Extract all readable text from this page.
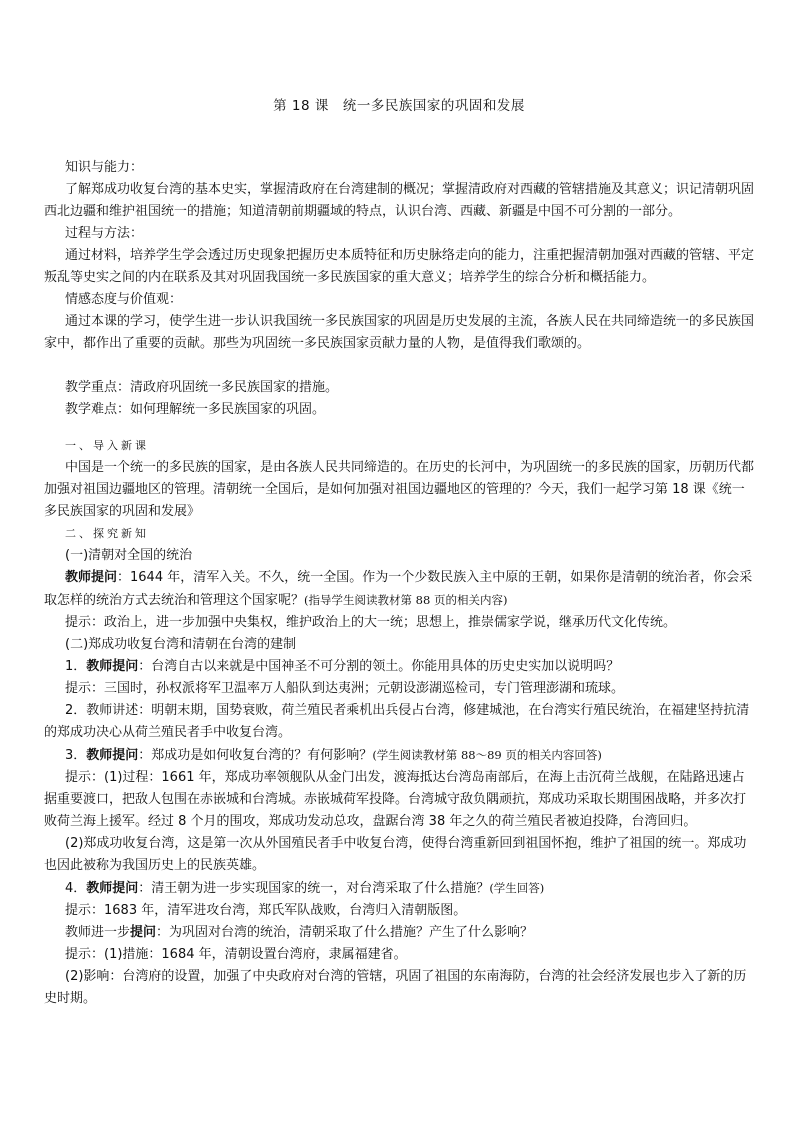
第 18 课　统一多民族国家的巩固和发展

知识与能力：

了解郑成功收复台湾的基本史实，掌握清政府在台湾建制的概况；掌握清政府对西藏的管辖措施及其意义；识记清朝巩固西北边疆和维护祖国统一的措施；知道清朝前期疆域的特点，认识台湾、西藏、新疆是中国不可分割的一部分。

过程与方法：

通过材料，培养学生学会透过历史现象把握历史本质特征和历史脉络走向的能力，注重把握清朝加强对西藏的管辖、平定叛乱等史实之间的内在联系及其对巩固我国统一多民族国家的重大意义；培养学生的综合分析和概括能力。

情感态度与价值观：

通过本课的学习，使学生进一步认识我国统一多民族国家的巩固是历史发展的主流，各族人民在共同缔造统一的多民族国家中，都作出了重要的贡献。那些为巩固统一多民族国家贡献力量的人物，是值得我们歌颂的。

教学重点：清政府巩固统一多民族国家的措施。

教学难点：如何理解统一多民族国家的巩固。

一、导入新课

中国是一个统一的多民族的国家，是由各族人民共同缔造的。在历史的长河中，为巩固统一的多民族的国家，历朝历代都加强对祖国边疆地区的管理。清朝统一全国后，是如何加强对祖国边疆地区的管理的？今天，我们一起学习第 18 课《统一多民族国家的巩固和发展》

二、探究新知

(一)清朝对全国的统治

教师提问：1644 年，清军入关。不久，统一全国。作为一个少数民族入主中原的王朝，如果你是清朝的统治者，你会采取怎样的统治方式去统治和管理这个国家呢？(指导学生阅读教材第 88 页的相关内容)

提示：政治上，进一步加强中央集权，维护政治上的大一统；思想上，推崇儒家学说，继承历代文化传统。

(二)郑成功收复台湾和清朝在台湾的建制

1．教师提问：台湾自古以来就是中国神圣不可分割的领土。你能用具体的历史史实加以说明吗？

提示：三国时，孙权派将军卫温率万人船队到达夷洲；元朝设澎湖巡检司，专门管理澎湖和琉球。

2．教师讲述：明朝末期，国势衰败，荷兰殖民者乘机出兵侵占台湾，修建城池，在台湾实行殖民统治，在福建坚持抗清的郑成功决心从荷兰殖民者手中收复台湾。

3．教师提问：郑成功是如何收复台湾的？有何影响？(学生阅读教材第 88～89 页的相关内容回答)

提示：(1)过程：1661 年，郑成功率领舰队从金门出发，渡海抵达台湾岛南部后，在海上击沉荷兰战舰，在陆路迅速占据重要渡口，把敌人包围在赤嵌城和台湾城。赤嵌城荷军投降。台湾城守敌负隅顽抗，郑成功采取长期围困战略，并多次打败荷兰海上援军。经过 8 个月的围攻，郑成功发动总攻，盘踞台湾 38 年之久的荷兰殖民者被迫投降，台湾回归。

(2)郑成功收复台湾，这是第一次从外国殖民者手中收复台湾，使得台湾重新回到祖国怀抱，维护了祖国的统一。郑成功也因此被称为我国历史上的民族英雄。

4．教师提问：清王朝为进一步实现国家的统一，对台湾采取了什么措施？(学生回答)

提示：1683 年，清军进攻台湾，郑氏军队战败，台湾归入清朝版图。

教师进一步提问：为巩固对台湾的统治，清朝采取了什么措施？产生了什么影响？

提示：(1)措施：1684 年，清朝设置台湾府，隶属福建省。

(2)影响：台湾府的设置，加强了中央政府对台湾的管辖，巩固了祖国的东南海防，台湾的社会经济发展也步入了新的历史时期。
